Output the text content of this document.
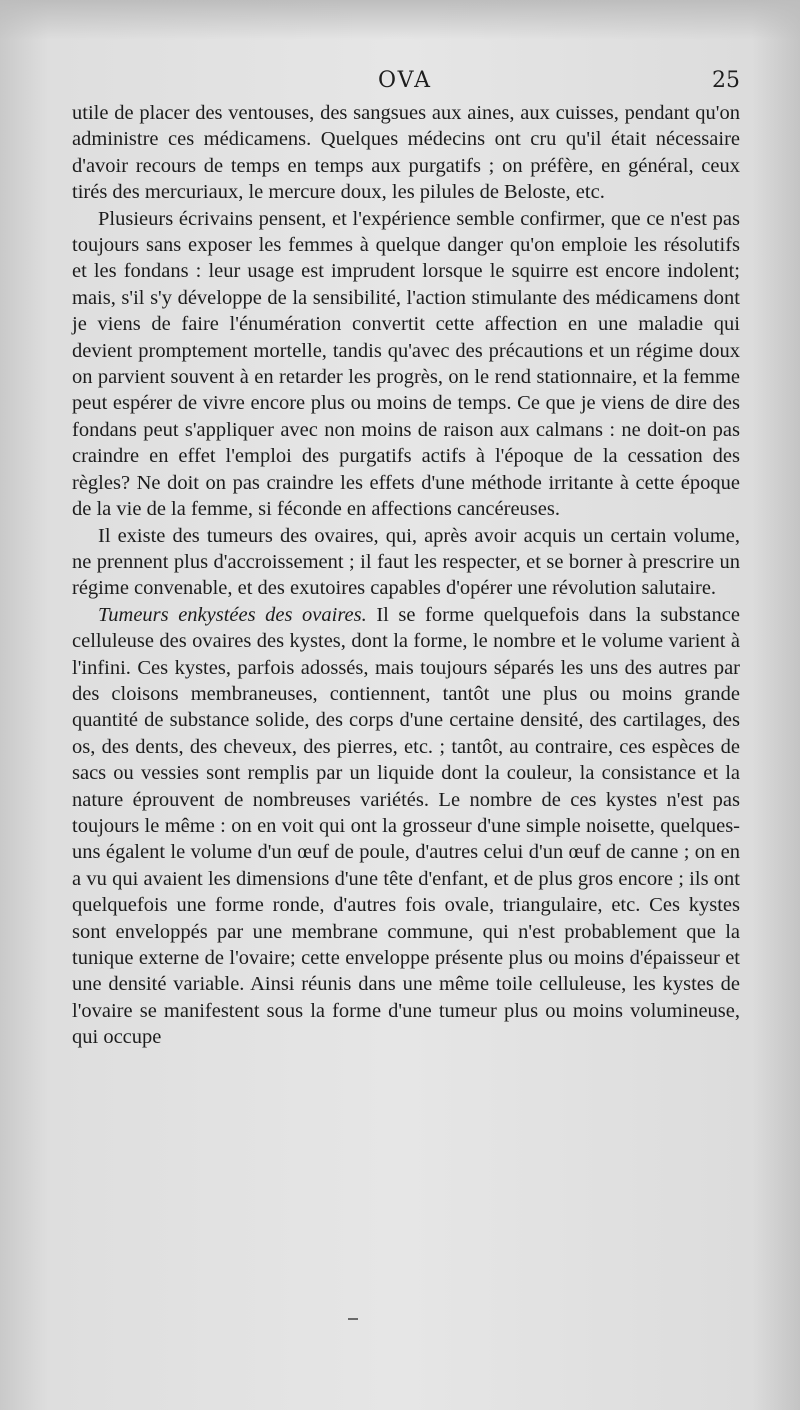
OVA	25

utile de placer des ventouses, des sangsues aux aines, aux cuisses, pendant qu'on administre ces médicamens. Quelques médecins ont cru qu'il était nécessaire d'avoir recours de temps en temps aux purgatifs ; on préfère, en général, ceux tirés des mercuriaux, le mercure doux, les pilules de Beloste, etc.

Plusieurs écrivains pensent, et l'expérience semble confirmer, que ce n'est pas toujours sans exposer les femmes à quelque danger qu'on emploie les résolutifs et les fondans : leur usage est imprudent lorsque le squirre est encore indolent; mais, s'il s'y développe de la sensibilité, l'action stimulante des médicamens dont je viens de faire l'énumération convertit cette affection en une maladie qui devient promptement mortelle, tandis qu'avec des précautions et un régime doux on parvient souvent à en retarder les progrès, on le rend stationnaire, et la femme peut espérer de vivre encore plus ou moins de temps. Ce que je viens de dire des fondans peut s'appliquer avec non moins de raison aux calmans : ne doit-on pas craindre en effet l'emploi des purgatifs actifs à l'époque de la cessation des règles? Ne doit on pas craindre les effets d'une méthode irritante à cette époque de la vie de la femme, si féconde en affections cancéreuses.

Il existe des tumeurs des ovaires, qui, après avoir acquis un certain volume, ne prennent plus d'accroissement ; il faut les respecter, et se borner à prescrire un régime convenable, et des exutoires capables d'opérer une révolution salutaire.

Tumeurs enkystées des ovaires. Il se forme quelquefois dans la substance celluleuse des ovaires des kystes, dont la forme, le nombre et le volume varient à l'infini. Ces kystes, parfois adossés, mais toujours séparés les uns des autres par des cloisons membraneuses, contiennent, tantôt une plus ou moins grande quantité de substance solide, des corps d'une certaine densité, des cartilages, des os, des dents, des cheveux, des pierres, etc. ; tantôt, au contraire, ces espèces de sacs ou vessies sont remplis par un liquide dont la couleur, la consistance et la nature éprouvent de nombreuses variétés. Le nombre de ces kystes n'est pas toujours le même : on en voit qui ont la grosseur d'une simple noisette, quelques-uns égalent le volume d'un œuf de poule, d'autres celui d'un œuf de canne ; on en a vu qui avaient les dimensions d'une tête d'enfant, et de plus gros encore ; ils ont quelquefois une forme ronde, d'autres fois ovale, triangulaire, etc. Ces kystes sont enveloppés par une membrane commune, qui n'est probablement que la tunique externe de l'ovaire; cette enveloppe présente plus ou moins d'épaisseur et une densité variable. Ainsi réunis dans une même toile celluleuse, les kystes de l'ovaire se manifestent sous la forme d'une tumeur plus ou moins volumineuse, qui occupe
